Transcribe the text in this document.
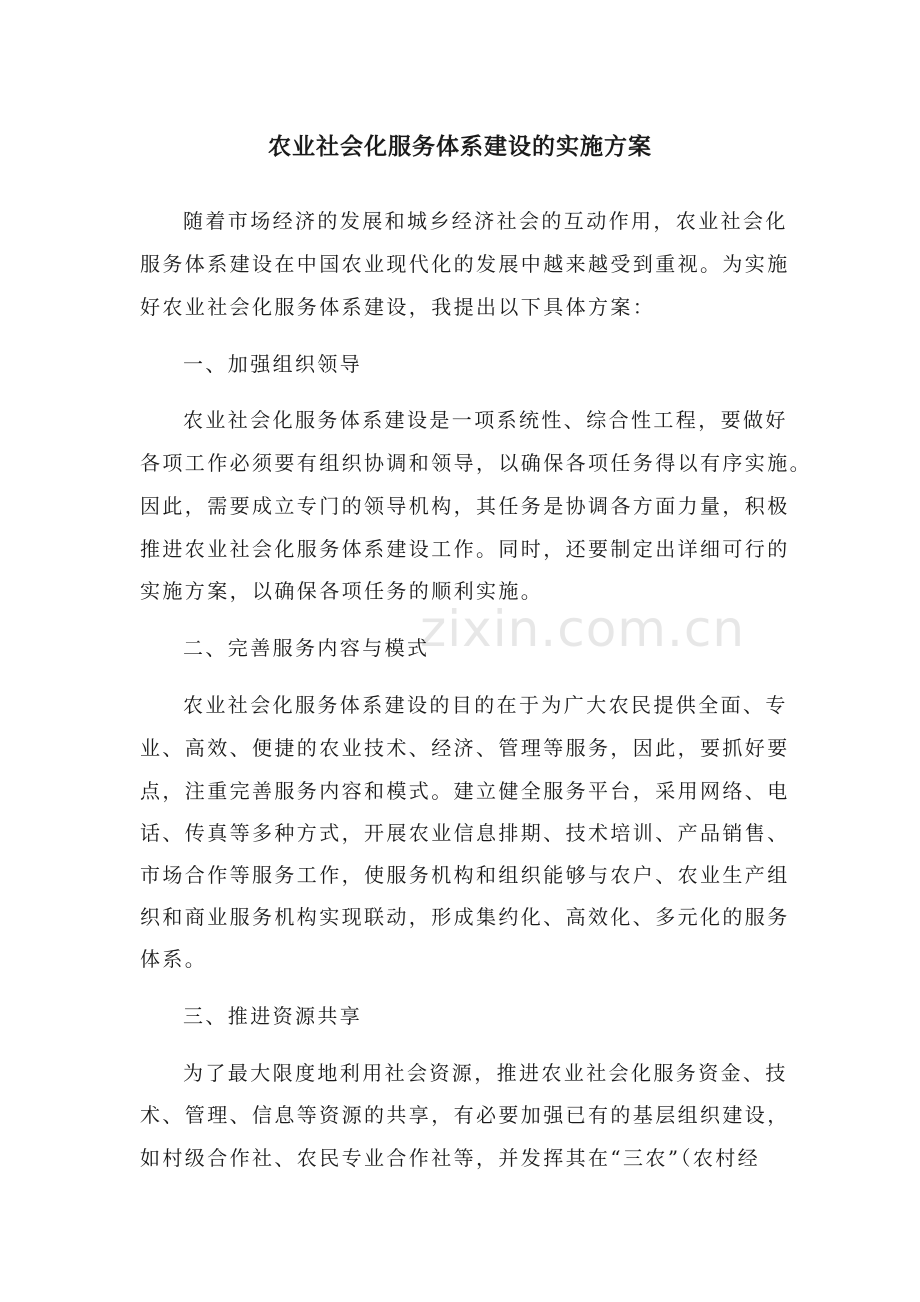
农业社会化服务体系建设的实施方案
随着市场经济的发展和城乡经济社会的互动作用，农业社会化
服务体系建设在中国农业现代化的发展中越来越受到重视。为实施
好农业社会化服务体系建设，我提出以下具体方案：
一、加强组织领导
农业社会化服务体系建设是一项系统性、综合性工程，要做好
各项工作必须要有组织协调和领导，以确保各项任务得以有序实施。
因此，需要成立专门的领导机构，其任务是协调各方面力量，积极
推进农业社会化服务体系建设工作。同时，还要制定出详细可行的
实施方案，以确保各项任务的顺利实施。
zixin.com.cn
二、完善服务内容与模式
农业社会化服务体系建设的目的在于为广大农民提供全面、专
业、高效、便捷的农业技术、经济、管理等服务，因此，要抓好要
点，注重完善服务内容和模式。建立健全服务平台，采用网络、电
话、传真等多种方式，开展农业信息排期、技术培训、产品销售、
市场合作等服务工作，使服务机构和组织能够与农户、农业生产组
织和商业服务机构实现联动，形成集约化、高效化、多元化的服务
体系。
三、推进资源共享
为了最大限度地利用社会资源，推进农业社会化服务资金、技
术、管理、信息等资源的共享，有必要加强已有的基层组织建设，
如村级合作社、农民专业合作社等，并发挥其在“三农”（农村经
